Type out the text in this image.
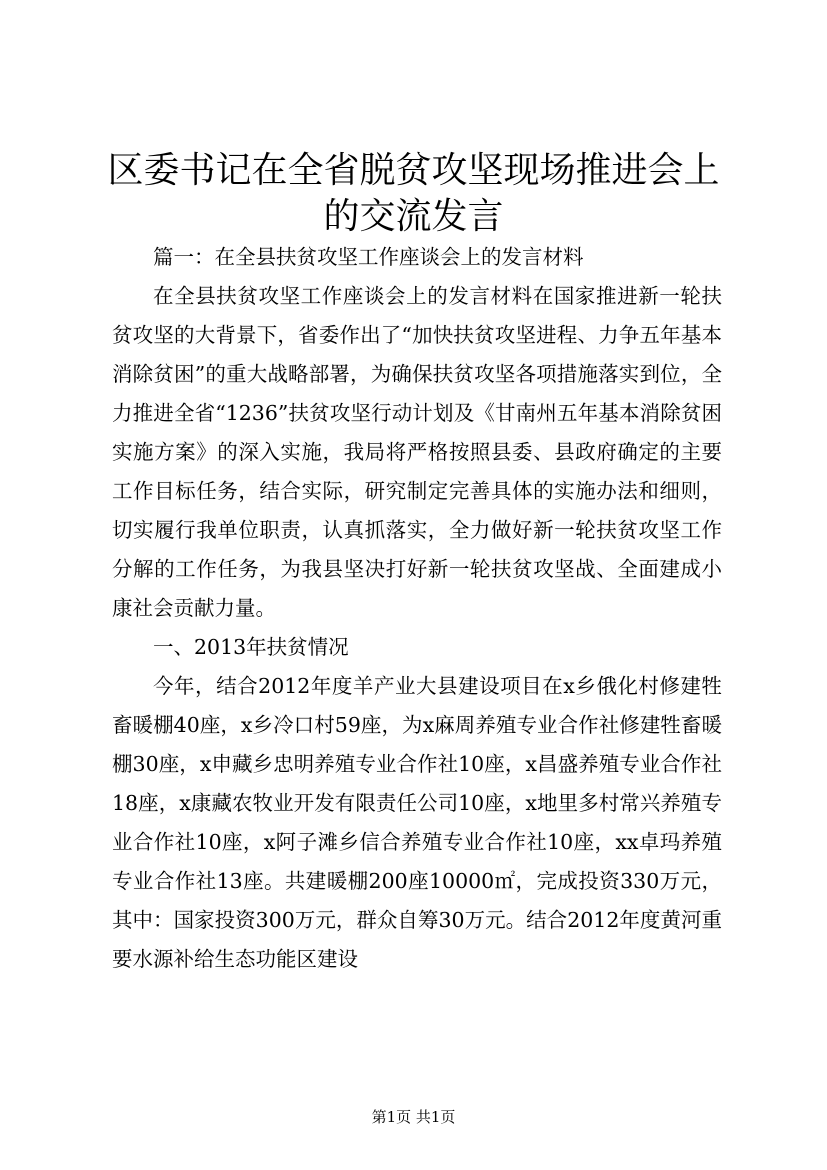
区委书记在全省脱贫攻坚现场推进会上的交流发言

篇一：在全县扶贫攻坚工作座谈会上的发言材料

在全县扶贫攻坚工作座谈会上的发言材料在国家推进新一轮扶贫攻坚的大背景下，省委作出了“加快扶贫攻坚进程、力争五年基本消除贫困”的重大战略部署，为确保扶贫攻坚各项措施落实到位，全力推进全省“1236”扶贫攻坚行动计划及《甘南州五年基本消除贫困实施方案》的深入实施，我局将严格按照县委、县政府确定的主要工作目标任务，结合实际，研究制定完善具体的实施办法和细则，切实履行我单位职责，认真抓落实，全力做好新一轮扶贫攻坚工作分解的工作任务，为我县坚决打好新一轮扶贫攻坚战、全面建成小康社会贡献力量。

一、2013年扶贫情况

今年，结合2012年度羊产业大县建设项目在x乡俄化村修建牲畜暖棚40座，x乡冷口村59座，为x麻周养殖专业合作社修建牲畜暖棚30座，x申藏乡忠明养殖专业合作社10座，x昌盛养殖专业合作社18座，x康藏农牧业开发有限责任公司10座，x地里多村常兴养殖专业合作社10座，x阿子滩乡信合养殖专业合作社10座，xx卓玛养殖专业合作社13座。共建暖棚200座10000㎡，完成投资330万元，其中：国家投资300万元，群众自筹30万元。结合2012年度黄河重要水源补给生态功能区建设

第1页 共1页
